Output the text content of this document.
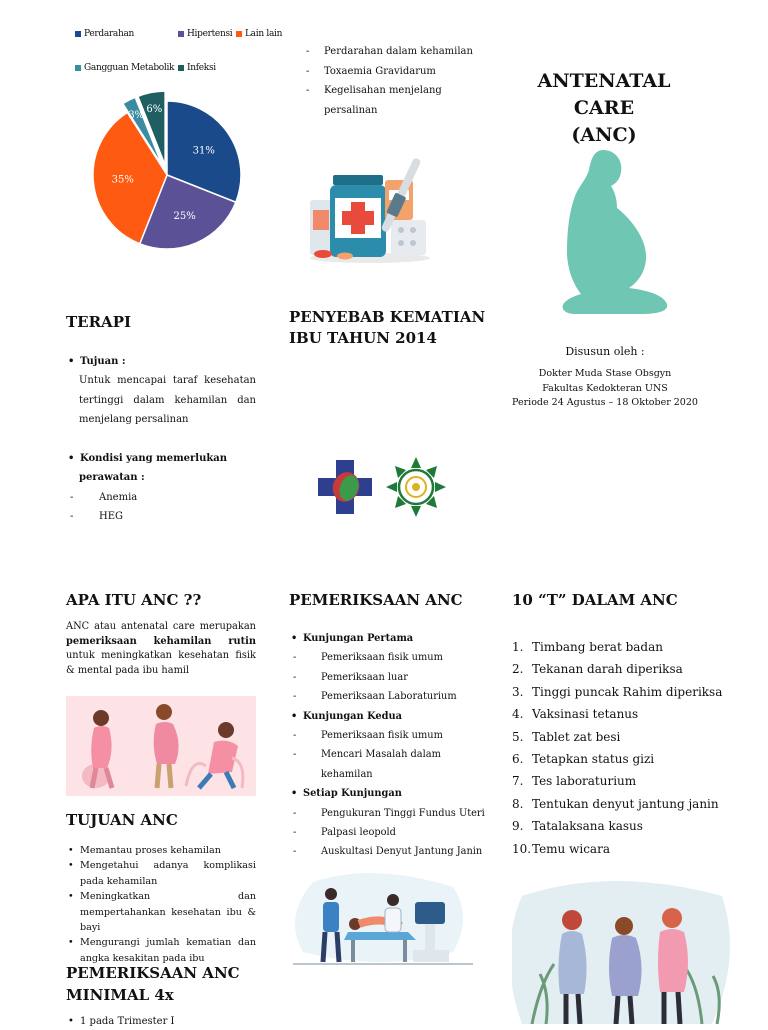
Perdarahan	Hipertensi Lain lain
Gangguan Metabolik Infeksi
31%
25%
35%
3%
6%
- Perdarahan dalam kehamilan
- Toxaemia Gravidarum
- Kegelisahan menjelang
persalinan
ANTENATAL CARE
(ANC)
Disusun oleh :
Dokter Muda Stase Obsgyn
Fakultas Kedokteran UNS
Periode 24 Agustus – 18 Oktober 2020
TERAPI
• Tujuan :
Untuk mencapai taraf kesehatan tertinggi dalam kehamilan dan menjelang persalinan
• Kondisi yang memerlukan
perawatan :
- Anemia
- HEG
PENYEBAB KEMATIAN
IBU TAHUN 2014
APA ITU ANC ??
ANC atau antenatal care merupakan pemeriksaan kehamilan rutin untuk meningkatkan kesehatan fisik & mental pada ibu hamil
TUJUAN ANC
• Memantau proses kehamilan
• Mengetahui adanya komplikasi pada kehamilan
• Meningkatkan dan mempertahankan kesehatan ibu & bayi
• Mengurangi jumlah kematian dan angka kesakitan pada ibu
PEMERIKSAAN ANC
MINIMAL 4x
• 1 pada Trimester I
PEMERIKSAAN ANC
• Kunjungan Pertama
- Pemeriksaan fisik umum
- Pemeriksaan luar
- Pemeriksaan Laboraturium
• Kunjungan Kedua
- Pemeriksaan fisik umum
- Mencari Masalah dalam
kehamilan
• Setiap Kunjungan
- Pengukuran Tinggi Fundus Uteri
- Palpasi leopold
- Auskultasi Denyut Jantung Janin
10 “T” DALAM ANC
1. Timbang berat badan
2. Tekanan darah diperiksa
3. Tinggi puncak Rahim diperiksa
4. Vaksinasi tetanus
5. Tablet zat besi
6. Tetapkan status gizi
7. Tes laboraturium
8. Tentukan denyut jantung janin
9. Tatalaksana kasus
10.Temu wicara
